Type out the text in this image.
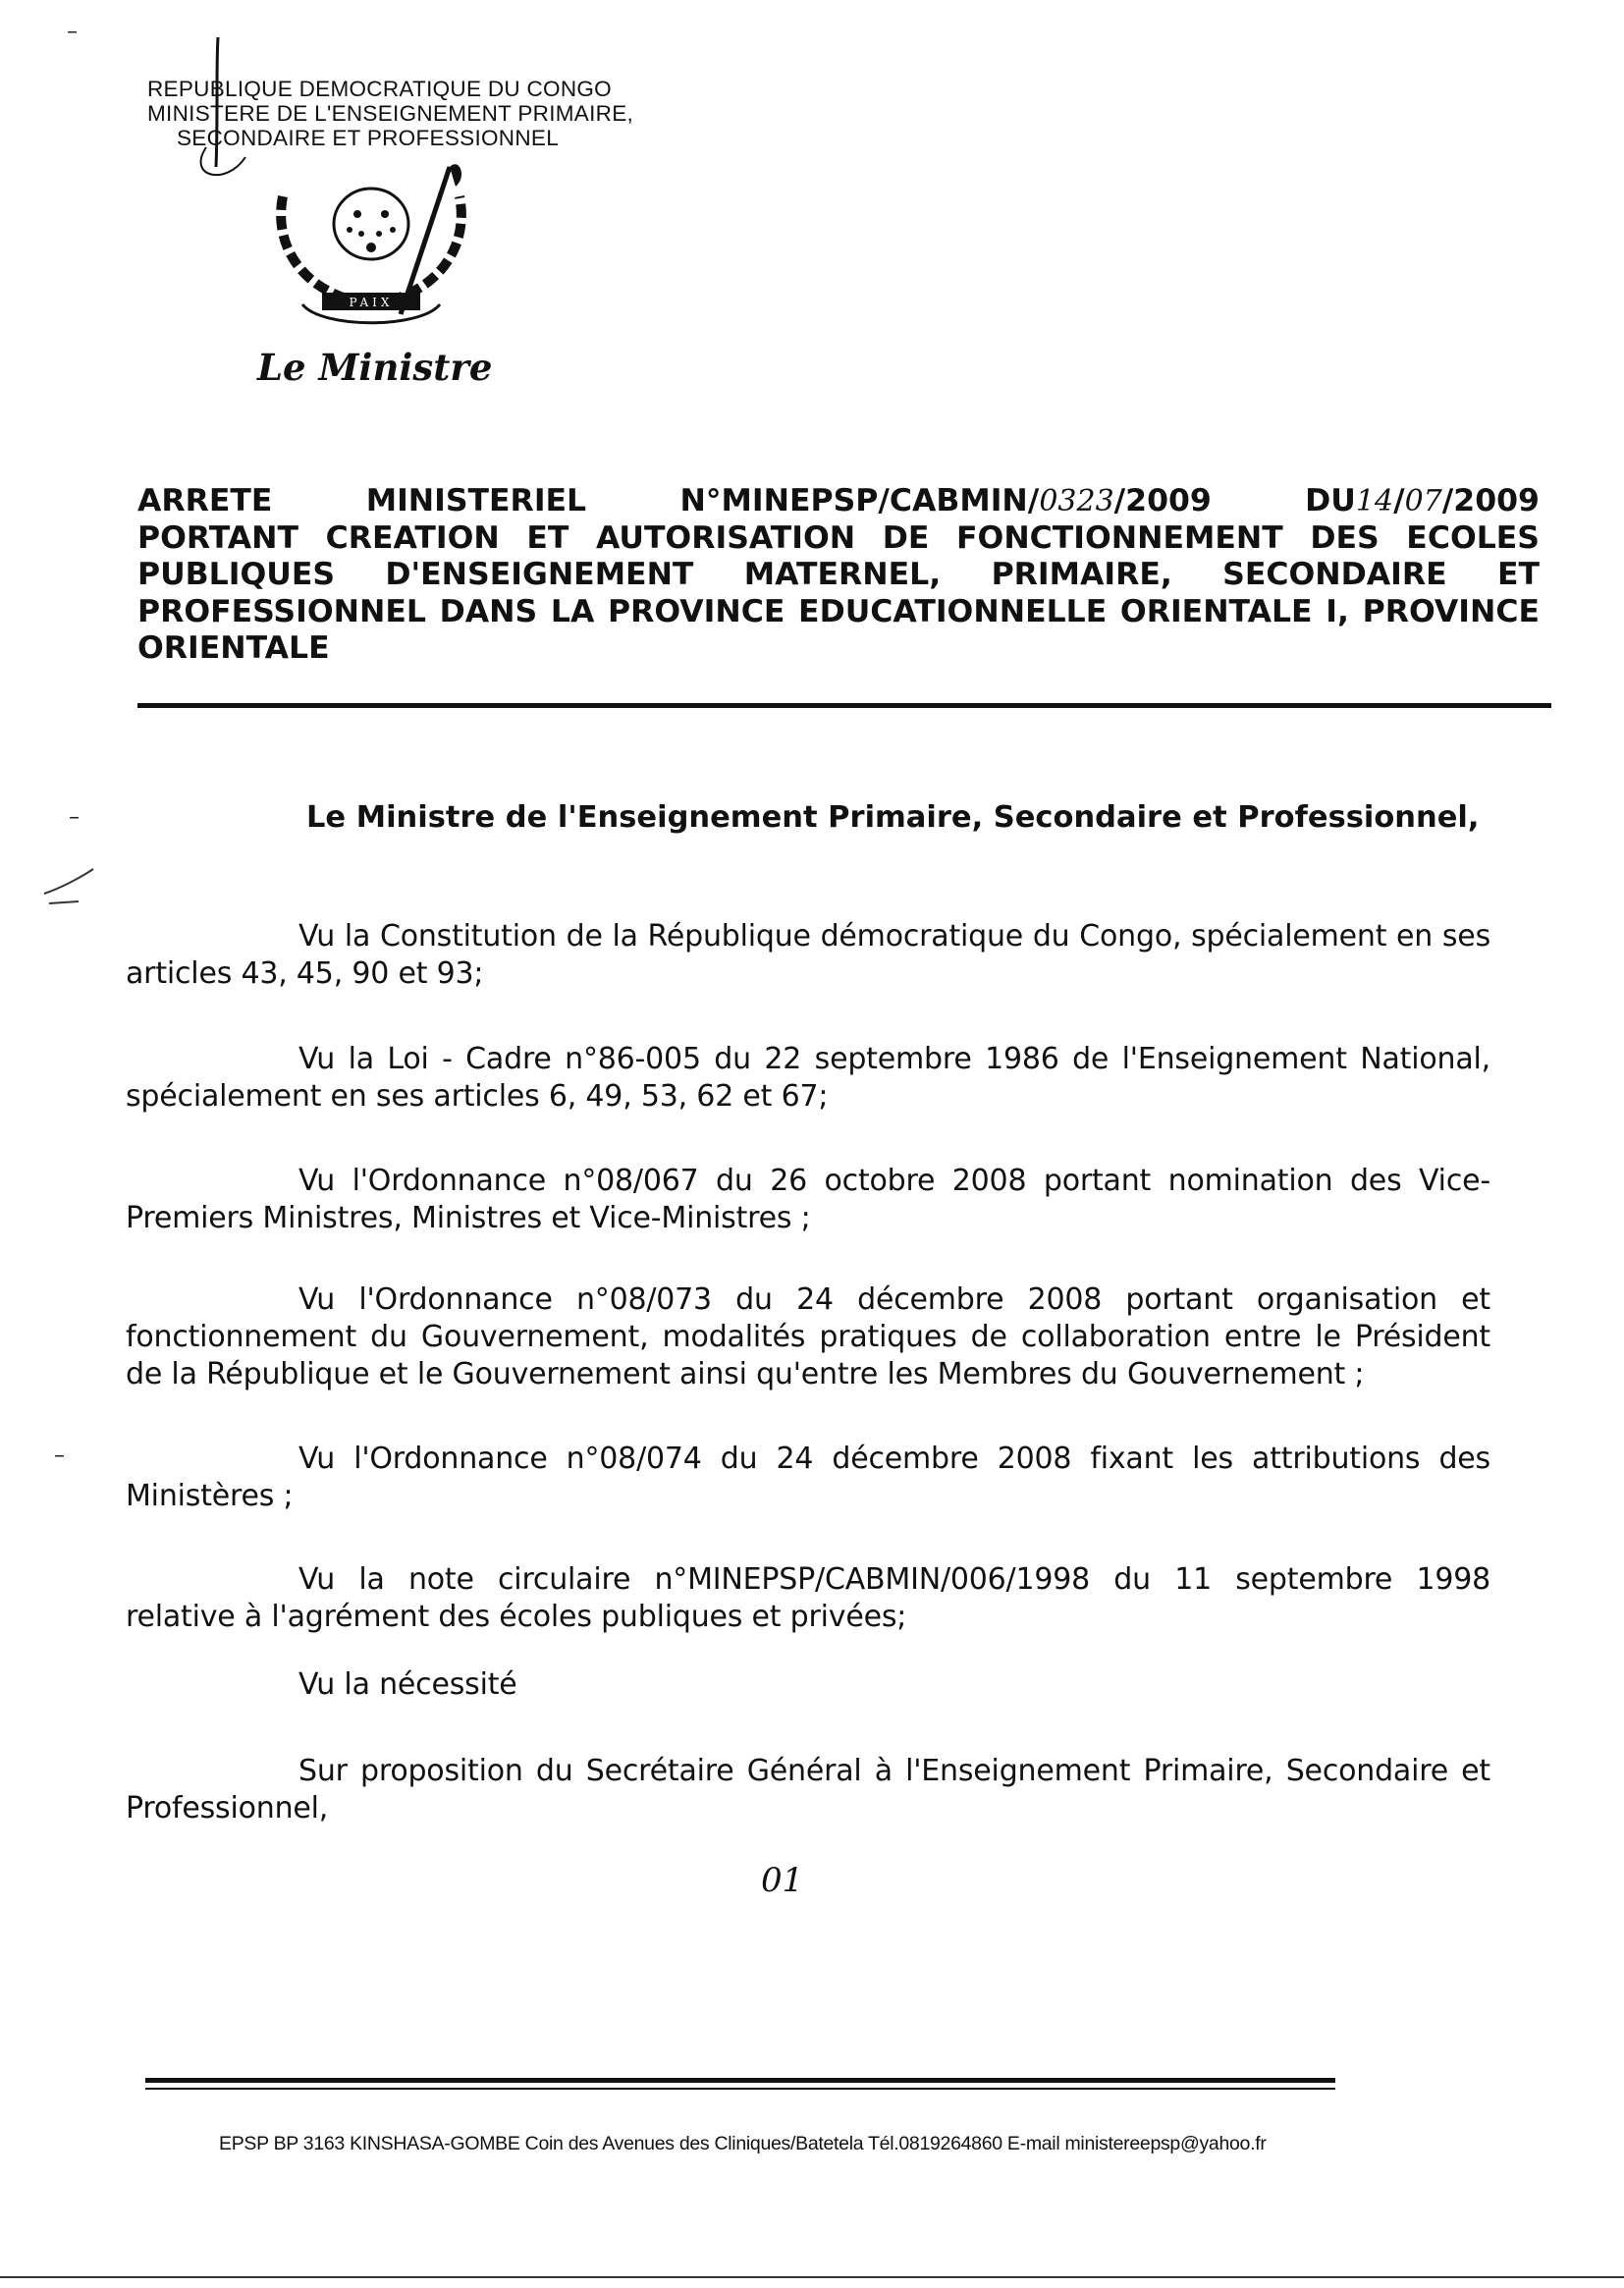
REPUBLIQUE DEMOCRATIQUE DU CONGO
MINISTERE DE L'ENSEIGNEMENT PRIMAIRE,
SECONDAIRE ET PROFESSIONNEL
PAIX
Le Ministre
ARRETE	MINISTERIEL	N°MINEPSP/CABMIN/0323/2009	DU14/07/2009
PORTANT CREATION ET AUTORISATION DE FONCTIONNEMENT DES ECOLES PUBLIQUES D'ENSEIGNEMENT MATERNEL, PRIMAIRE, SECONDAIRE ET PROFESSIONNEL DANS LA PROVINCE EDUCATIONNELLE ORIENTALE I, PROVINCE ORIENTALE
–
–
–
Le Ministre de l'Enseignement Primaire, Secondaire et Professionnel,
Vu la Constitution de la République démocratique du Congo, spécialement en ses articles 43, 45, 90 et 93;
Vu la Loi - Cadre n°86-005 du 22 septembre 1986 de l'Enseignement National, spécialement en ses articles 6, 49, 53, 62 et 67;
Vu l'Ordonnance n°08/067 du 26 octobre 2008 portant nomination des Vice-Premiers Ministres, Ministres et Vice-Ministres ;
Vu l'Ordonnance n°08/073 du 24 décembre 2008 portant organisation et fonctionnement du Gouvernement, modalités pratiques de collaboration entre le Président de la République et le Gouvernement ainsi qu'entre les Membres du Gouvernement ;
Vu l'Ordonnance n°08/074 du 24 décembre 2008 fixant les attributions des Ministères ;
Vu la note circulaire n°MINEPSP/CABMIN/006/1998 du 11 septembre 1998 relative à l'agrément des écoles publiques et privées;
Vu la nécessité
Sur proposition du Secrétaire Général à l'Enseignement Primaire, Secondaire et Professionnel,
01
EPSP BP 3163 KINSHASA-GOMBE Coin des Avenues des Cliniques/Batetela Tél.0819264860 E-mail ministereepsp@yahoo.fr
